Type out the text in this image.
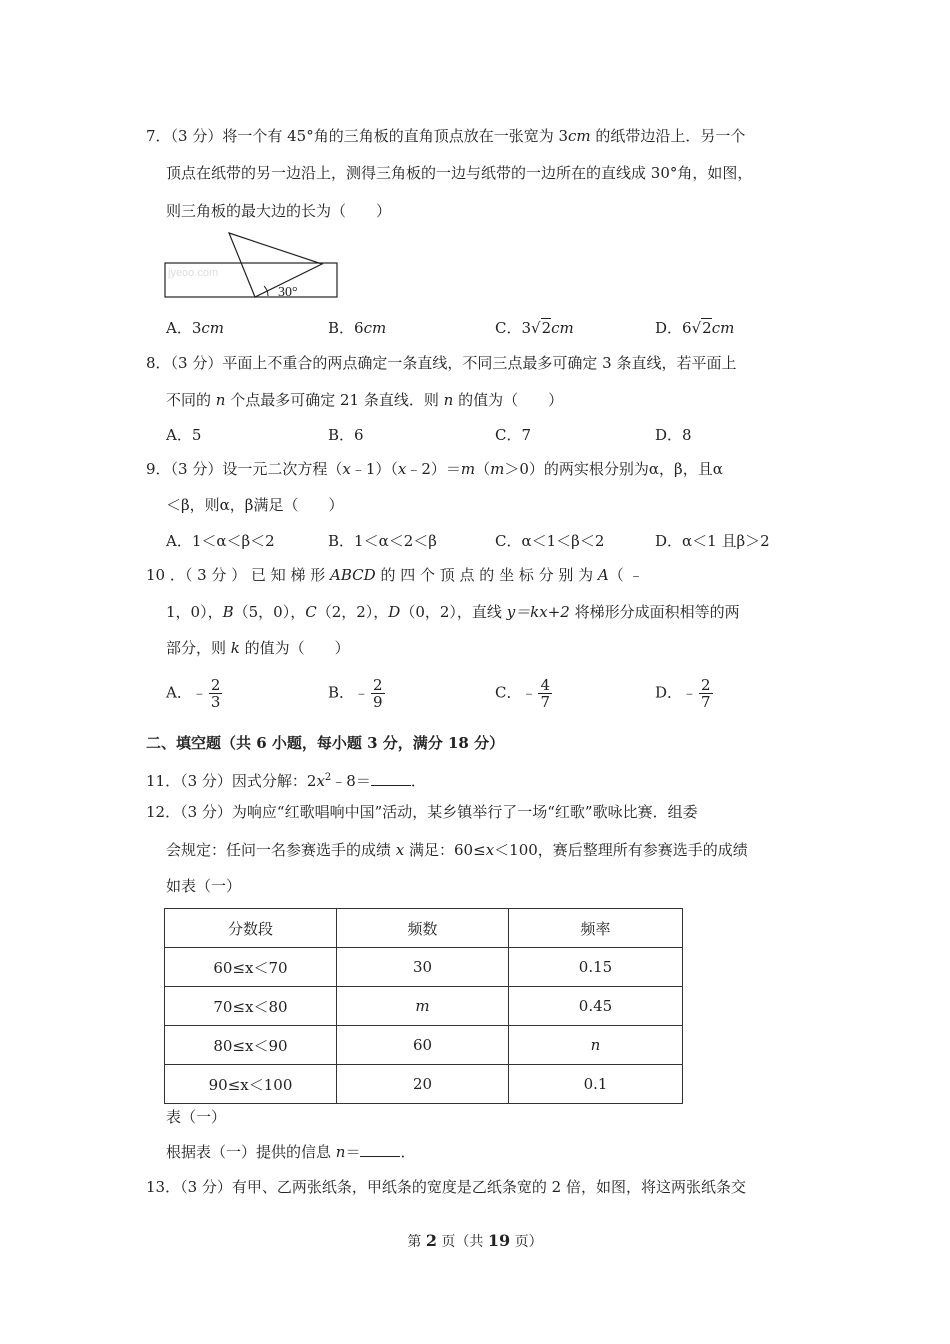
7．（3 分）将一个有 45°角的三角板的直角顶点放在一张宽为 3cm 的纸带边沿上．另一个
顶点在纸带的另一边沿上，测得三角板的一边与纸带的一边所在的直线成 30°角，如图，
则三角板的最大边的长为（　　）
jyeoo.com
30°
A．3cm	B．6cm	C．3√2cm	D．6√2cm
8．（3 分）平面上不重合的两点确定一条直线，不同三点最多可确定 3 条直线，若平面上
不同的 n 个点最多可确定 21 条直线．则 n 的值为（　　）
A．5	B．6	C．7	D．8
9．（3 分）设一元二次方程（x﹣1）（x﹣2）＝m（m＞0）的两实根分别为α，β，且α
＜β，则α，β满足（　　）
A．1＜α＜β＜2	B．1＜α＜2＜β	C．α＜1＜β＜2	D．α＜1 且β＞2
10 ．（ 3 分 ） 已 知 梯 形 ABCD 的 四 个 顶 点 的 坐 标 分 别 为 A（ ﹣
1，0），B（5，0），C（2，2），D（0，2），直线 y＝kx+2 将梯形分成面积相等的两
部分，则 k 的值为（　　）
A．﹣ $\frac{2}{3}$	B．﹣ $\frac{2}{9}$	C．﹣ $\frac{4}{7}$	D．﹣ $\frac{2}{7}$
二、填空题（共 6 小题，每小题 3 分，满分 18 分）
11．（3 分）因式分解：$2x^2﹣8=$	．
12．（3 分）为响应“红歌唱响中国”活动，某乡镇举行了一场“红歌”歌咏比赛．组委
会规定：任问一名参赛选手的成绩 x 满足：60≤x＜100，赛后整理所有参赛选手的成绩
如表（一）
分数段	频数	频率
60≤x＜70	30	0.15
70≤x＜80	m	0.45
80≤x＜90	60	n
90≤x＜100	20	0.1
表（一）
根据表（一）提供的信息 n＝	．
13．（3 分）有甲、乙两张纸条，甲纸条的宽度是乙纸条宽的 2 倍，如图，将这两张纸条交
第 2 页（共 19 页）
